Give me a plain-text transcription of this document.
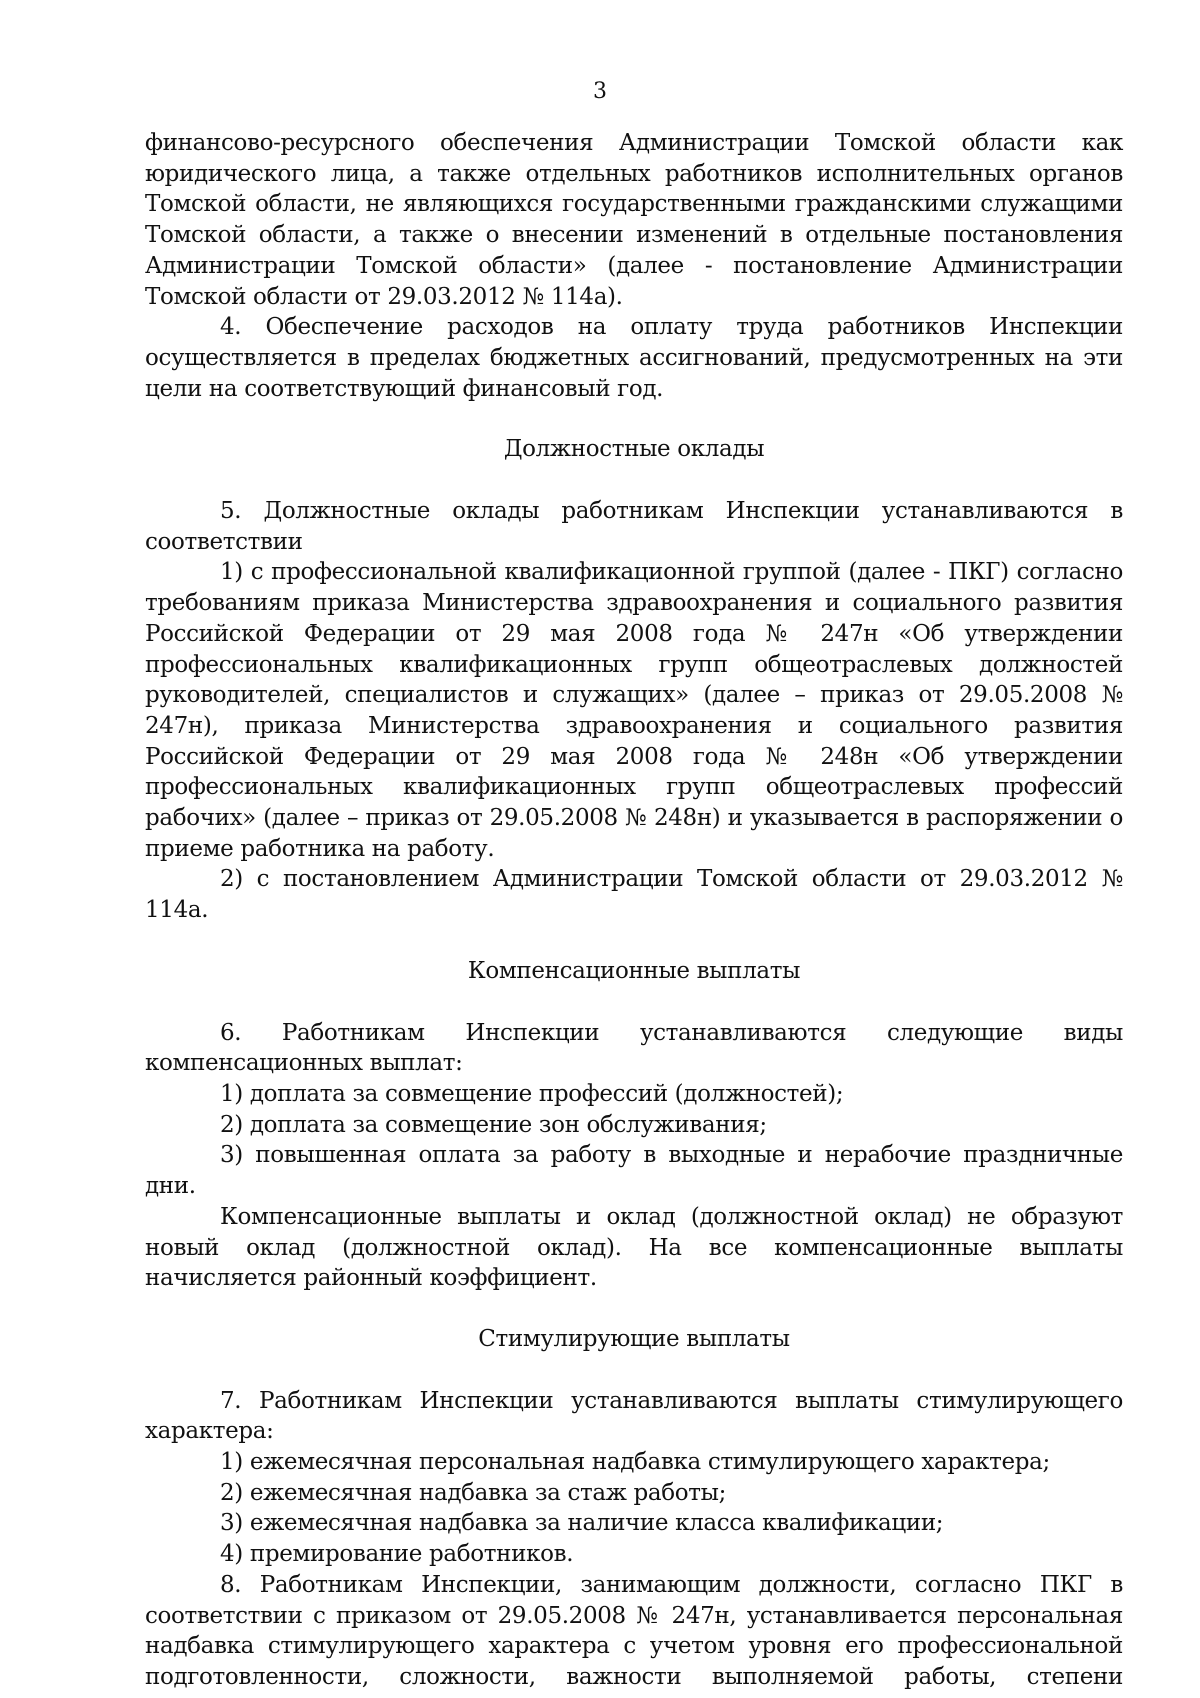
3

финансово-ресурсного обеспечения Администрации Томской области как юридического лица, а также отдельных работников исполнительных органов Томской области, не являющихся государственными гражданскими служащими Томской области, а также о внесении изменений в отдельные постановления Администрации Томской области» (далее - постановление Администрации Томской области от 29.03.2012 № 114а).

4. Обеспечение расходов на оплату труда работников Инспекции осуществляется в пределах бюджетных ассигнований, предусмотренных на эти цели на соответствующий финансовый год.

Должностные оклады

5. Должностные оклады работникам Инспекции устанавливаются в соответствии

1) с профессиональной квалификационной группой (далее - ПКГ) согласно требованиям приказа Министерства здравоохранения и социального развития Российской Федерации от 29 мая 2008 года № 247н «Об утверждении профессиональных квалификационных групп общеотраслевых должностей руководителей, специалистов и служащих» (далее – приказ от 29.05.2008 № 247н), приказа Министерства здравоохранения и социального развития Российской Федерации от 29 мая 2008 года № 248н «Об утверждении профессиональных квалификационных групп общеотраслевых профессий рабочих» (далее – приказ от 29.05.2008 № 248н) и указывается в распоряжении о приеме работника на работу.

2) с постановлением Администрации Томской области от 29.03.2012 № 114а.

Компенсационные выплаты

6. Работникам Инспекции устанавливаются следующие виды компенсационных выплат:

1) доплата за совмещение профессий (должностей);

2) доплата за совмещение зон обслуживания;

3) повышенная оплата за работу в выходные и нерабочие праздничные дни.

Компенсационные выплаты и оклад (должностной оклад) не образуют новый оклад (должностной оклад). На все компенсационные выплаты начисляется районный коэффициент.

Стимулирующие выплаты

7. Работникам Инспекции устанавливаются выплаты стимулирующего характера:

1) ежемесячная персональная надбавка стимулирующего характера;

2) ежемесячная надбавка за стаж работы;

3) ежемесячная надбавка за наличие класса квалификации;

4) премирование работников.

8. Работникам Инспекции, занимающим должности, согласно ПКГ в соответствии с приказом от 29.05.2008 № 247н, устанавливается персональная надбавка стимулирующего характера с учетом уровня его профессиональной подготовленности, сложности, важности выполняемой работы, степени
